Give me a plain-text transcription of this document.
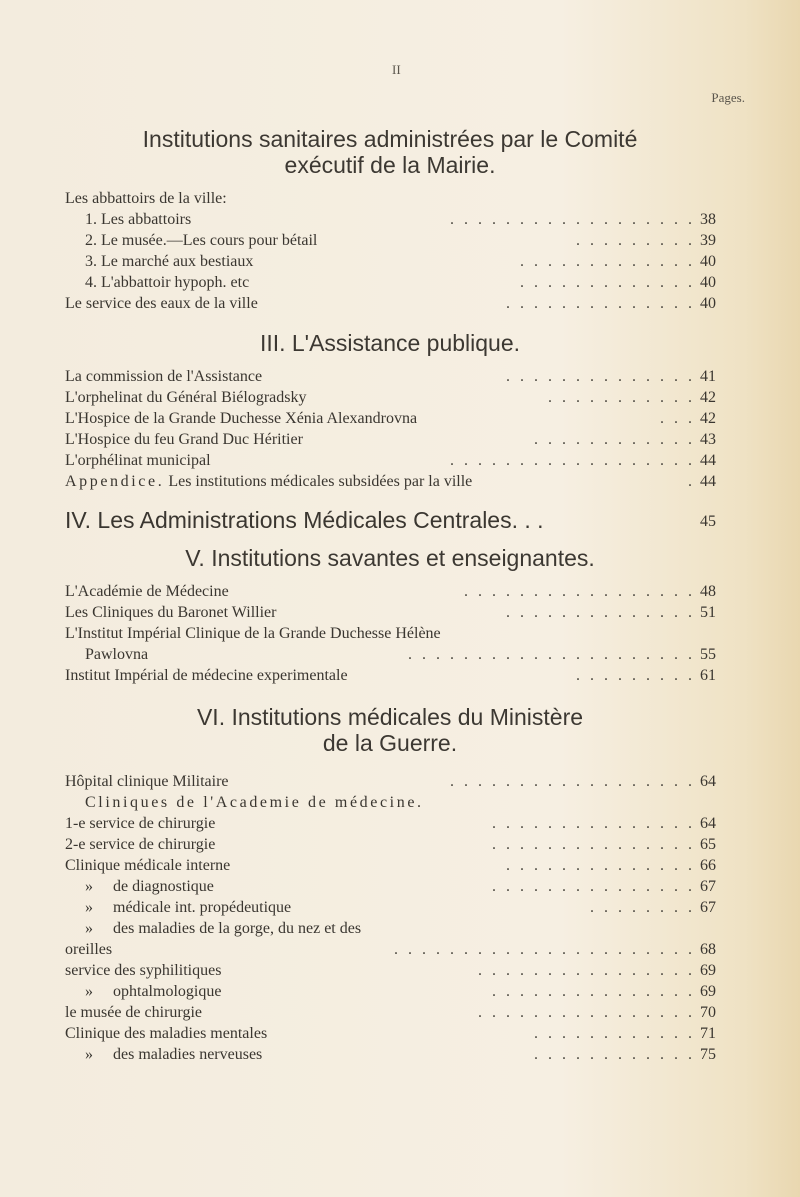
II
Pages.
Institutions sanitaires administrées par le Comité
exécutif de la Mairie.
Les abbattoirs de la ville:
1. Les abbattoirs	. . . . . . . . . . . . . . . . . . 38
2. Le musée.—Les cours pour bétail	. . . . . . . . . 39
3. Le marché aux bestiaux	. . . . . . . . . . . . . 40
4. L'abbattoir hypoph. etc	. . . . . . . . . . . . . 40
Le service des eaux de la ville	. . . . . . . . . . . . . . 40
III. L'Assistance publique.
La commission de l'Assistance	. . . . . . . . . . . . . . 41
L'orphelinat du Général Biélogradsky	. . . . . . . . . . . 42
L'Hospice de la Grande Duchesse Xénia Alexandrovna	. . . 42
L'Hospice du feu Grand Duc Héritier	. . . . . . . . . . . . 43
L'orphélinat municipal	. . . . . . . . . . . . . . . . . . 44
Appendice. Les institutions médicales subsidées par la ville	. 44
IV. Les Administrations Médicales Centrales. . .	45
V. Institutions savantes et enseignantes.
L'Académie de Médecine	. . . . . . . . . . . . . . . . . 48
Les Cliniques du Baronet Willier	. . . . . . . . . . . . . . 51
L'Institut Impérial Clinique de la Grande Duchesse Hélène
Pawlovna	. . . . . . . . . . . . . . . . . . . . . 55
Institut Impérial de médecine experimentale	. . . . . . . . . 61
VI. Institutions médicales du Ministère
de la Guerre.
Hôpital clinique Militaire	. . . . . . . . . . . . . . . . . . 64
Cliniques de l'Academie de médecine.
1-e service de chirurgie	. . . . . . . . . . . . . . . 64
2-e service de chirurgie	. . . . . . . . . . . . . . . 65
Clinique médicale interne	. . . . . . . . . . . . . . 66
»     de diagnostique	. . . . . . . . . . . . . . . 67
»     médicale int. propédeutique	. . . . . . . . 67
»     des maladies de la gorge, du nez et des
oreilles	. . . . . . . . . . . . . . . . . . . . . . 68
service des syphilitiques	. . . . . . . . . . . . . . . . 69
»     ophtalmologique	. . . . . . . . . . . . . . . 69
le musée de chirurgie	. . . . . . . . . . . . . . . . 70
Clinique des maladies mentales	. . . . . . . . . . . . 71
»     des maladies nerveuses	. . . . . . . . . . . . 75
